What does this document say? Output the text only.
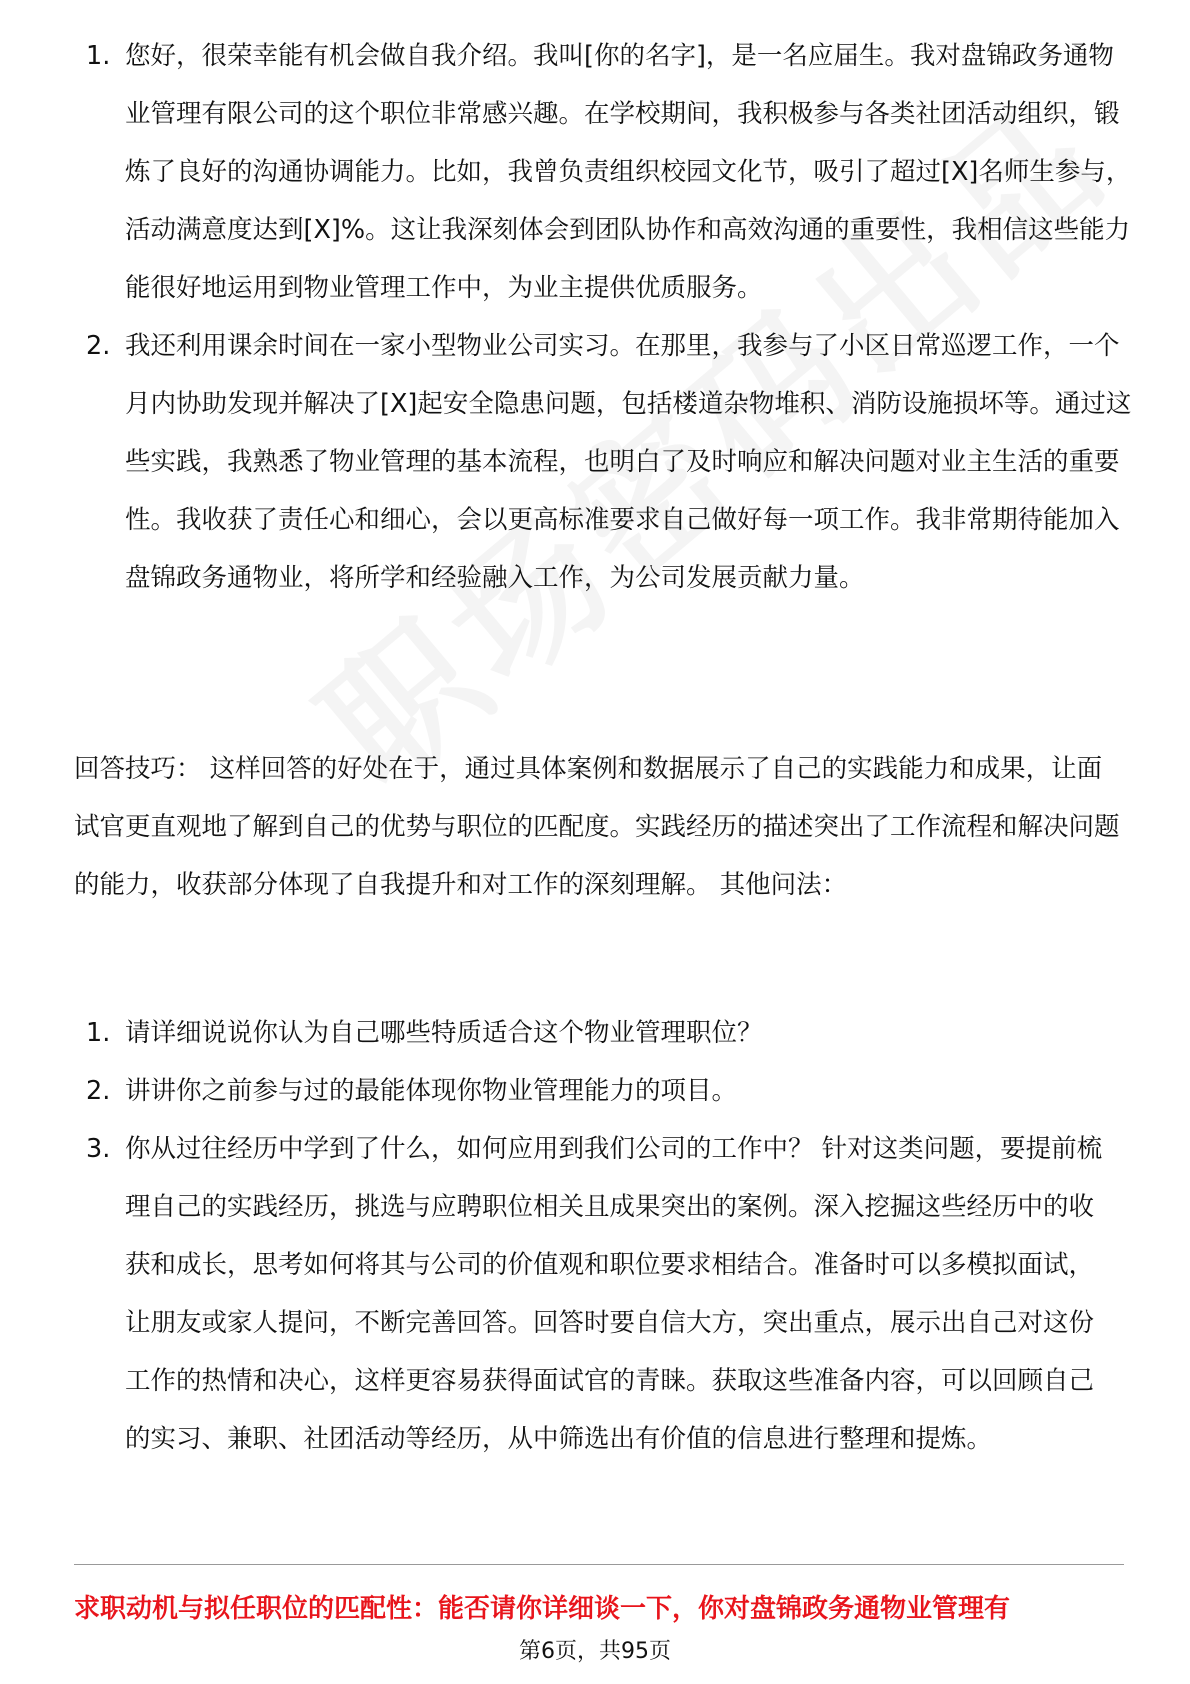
1. 您好，很荣幸能有机会做自我介绍。我叫[你的名字]，是一名应届生。我对盘锦政务通物业管理有限公司的这个职位非常感兴趣。在学校期间，我积极参与各类社团活动组织，锻炼了良好的沟通协调能力。比如，我曾负责组织校园文化节，吸引了超过[X]名师生参与，活动满意度达到[X]%。这让我深刻体会到团队协作和高效沟通的重要性，我相信这些能力能很好地运用到物业管理工作中，为业主提供优质服务。
2. 我还利用课余时间在一家小型物业公司实习。在那里，我参与了小区日常巡逻工作，一个月内协助发现并解决了[X]起安全隐患问题，包括楼道杂物堆积、消防设施损坏等。通过这些实践，我熟悉了物业管理的基本流程，也明白了及时响应和解决问题对业主生活的重要性。我收获了责任心和细心，会以更高标准要求自己做好每一项工作。我非常期待能加入盘锦政务通物业，将所学和经验融入工作，为公司发展贡献力量。
回答技巧： 这样回答的好处在于，通过具体案例和数据展示了自己的实践能力和成果，让面试官更直观地了解到自己的优势与职位的匹配度。实践经历的描述突出了工作流程和解决问题的能力，收获部分体现了自我提升和对工作的深刻理解。 其他问法：
1. 请详细说说你认为自己哪些特质适合这个物业管理职位？
2. 讲讲你之前参与过的最能体现你物业管理能力的项目。
3. 你从过往经历中学到了什么，如何应用到我们公司的工作中？ 针对这类问题，要提前梳理自己的实践经历，挑选与应聘职位相关且成果突出的案例。深入挖掘这些经历中的收获和成长，思考如何将其与公司的价值观和职位要求相结合。准备时可以多模拟面试，让朋友或家人提问，不断完善回答。回答时要自信大方，突出重点，展示出自己对这份工作的热情和决心，这样更容易获得面试官的青睐。获取这些准备内容，可以回顾自己的实习、兼职、社团活动等经历，从中筛选出有价值的信息进行整理和提炼。
求职动机与拟任职位的匹配性：能否请你详细谈一下，你对盘锦政务通物业管理有
第6页，共95页
